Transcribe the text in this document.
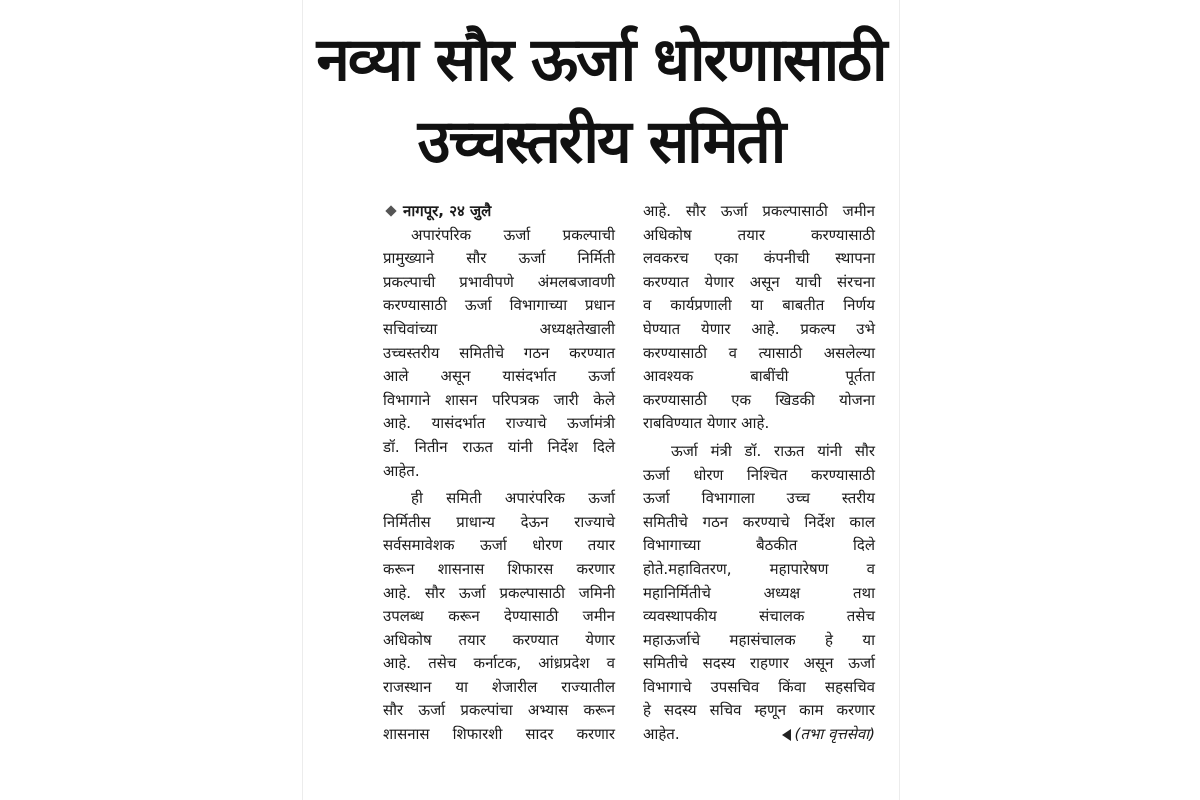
नव्या सौर ऊर्जा धोरणासाठी
उच्चस्तरीय समिती

नागपूर, २४ जुलै

अपारंपरिक ऊर्जा प्रकल्पाची

प्रामुख्याने सौर ऊर्जा निर्मिती

प्रकल्पाची प्रभावीपणे अंमलबजावणी

करण्यासाठी ऊर्जा विभागाच्या प्रधान

सचिवांच्या अध्यक्षतेखाली

उच्चस्तरीय समितीचे गठन करण्यात

आले असून यासंदर्भात ऊर्जा

विभागाने शासन परिपत्रक जारी केले

आहे. यासंदर्भात राज्याचे ऊर्जामंत्री

डॉ. नितीन राऊत यांनी निर्देश दिले

आहेत.

ही समिती अपारंपरिक ऊर्जा

निर्मितीस प्राधान्य देऊन राज्याचे

सर्वसमावेशक ऊर्जा धोरण तयार

करून शासनास शिफारस करणार

आहे. सौर ऊर्जा प्रकल्पासाठी जमिनी

उपलब्ध करून देण्यासाठी जमीन

अधिकोष तयार करण्यात येणार

आहे. तसेच कर्नाटक, आंध्रप्रदेश व

राजस्थान या शेजारील राज्यातील

सौर ऊर्जा प्रकल्पांचा अभ्यास करून

शासनास शिफारशी सादर करणार

आहे. सौर ऊर्जा प्रकल्पासाठी जमीन

अधिकोष तयार करण्यासाठी

लवकरच एका कंपनीची स्थापना

करण्यात येणार असून याची संरचना

व कार्यप्रणाली या बाबतीत निर्णय

घेण्यात येणार आहे. प्रकल्प उभे

करण्यासाठी व त्यासाठी असलेल्या

आवश्यक बाबींची पूर्तता

करण्यासाठी एक खिडकी योजना

राबविण्यात येणार आहे.

ऊर्जा मंत्री डॉ. राऊत यांनी सौर

ऊर्जा धोरण निश्चित करण्यासाठी

ऊर्जा विभागाला उच्च स्तरीय

समितीचे गठन करण्याचे निर्देश काल

विभागाच्या बैठकीत दिले

होते.महावितरण, महापारेषण व

महानिर्मितीचे अध्यक्ष तथा

व्यवस्थापकीय संचालक तसेच

महाऊर्जाचे महासंचालक हे या

समितीचे सदस्य राहणार असून ऊर्जा

विभागाचे उपसचिव किंवा सहसचिव

हे सदस्य सचिव म्हणून काम करणार

आहेत.	(तभा वृत्तसेवा)
